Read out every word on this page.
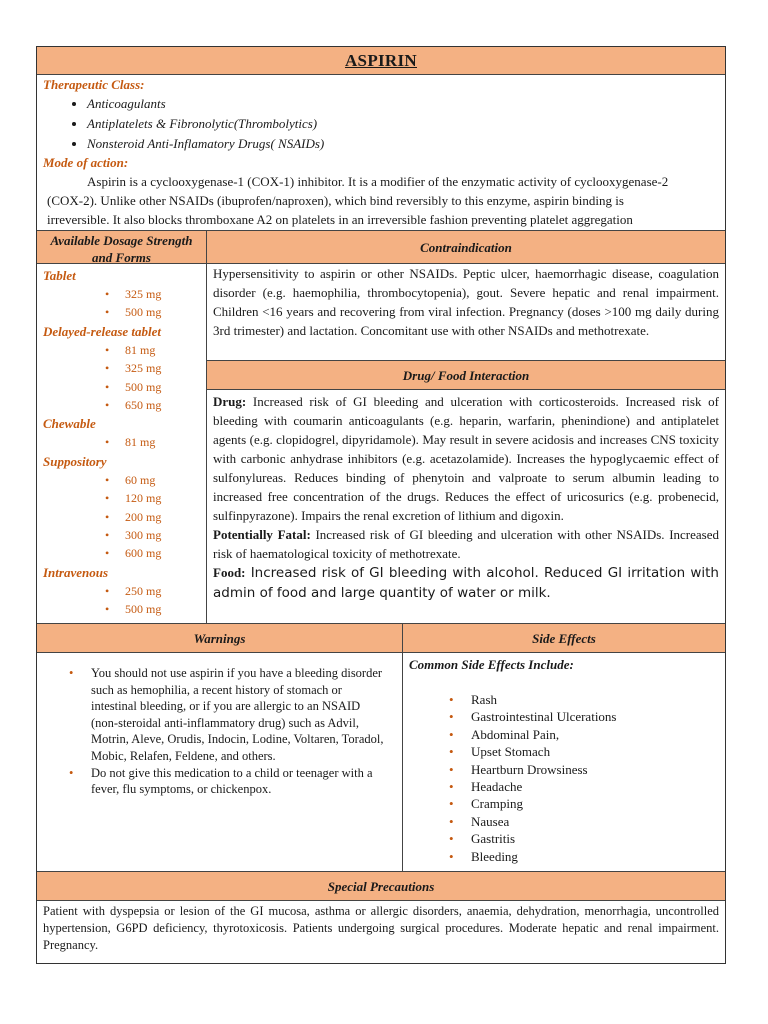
ASPIRIN
Therapeutic Class:
• Anticoagulants
• Antiplatelets & Fibronolytic(Thrombolytics)
• Nonsteroid Anti-Inflamatory Drugs( NSAIDs)
Mode of action:
Aspirin is a cyclooxygenase-1 (COX-1) inhibitor. It is a modifier of the enzymatic activity of cyclooxygenase-2
(COX-2). Unlike other NSAIDs (ibuprofen/naproxen), which bind reversibly to this enzyme, aspirin binding is
irreversible. It also blocks thromboxane A2 on platelets in an irreversible fashion preventing platelet aggregation
Available Dosage Strength
and Forms
Contraindication
Tablet
• 325 mg
• 500 mg
Delayed-release tablet
• 81 mg
• 325 mg
• 500 mg
• 650 mg
Chewable
• 81 mg
Suppository
• 60 mg
• 120 mg
• 200 mg
• 300 mg
• 600 mg
Intravenous
• 250 mg
• 500 mg
Hypersensitivity to aspirin or other NSAIDs. Peptic ulcer, haemorrhagic disease, coagulation disorder (e.g. haemophilia, thrombocytopenia), gout. Severe hepatic and renal impairment. Children <16 years and recovering from viral infection. Pregnancy (doses >100 mg daily during 3rd trimester) and lactation. Concomitant use with other NSAIDs and methotrexate.
Drug/ Food Interaction
Drug: Increased risk of GI bleeding and ulceration with corticosteroids. Increased risk of bleeding with coumarin anticoagulants (e.g. heparin, warfarin, phenindione) and antiplatelet agents (e.g. clopidogrel, dipyridamole). May result in severe acidosis and increases CNS toxicity with carbonic anhydrase inhibitors (e.g. acetazolamide). Increases the hypoglycaemic effect of sulfonylureas. Reduces binding of phenytoin and valproate to serum albumin leading to increased free concentration of the drugs. Reduces the effect of uricosurics (e.g. probenecid, sulfinpyrazone). Impairs the renal excretion of lithium and digoxin.
Potentially Fatal: Increased risk of GI bleeding and ulceration with other NSAIDs. Increased risk of haematological toxicity of methotrexate.
Food: Increased risk of GI bleeding with alcohol. Reduced GI irritation with admin of food and large quantity of water or milk.
Warnings	Side Effects
• You should not use aspirin if you have a bleeding disorder such as hemophilia, a recent history of stomach or intestinal bleeding, or if you are allergic to an NSAID (non-steroidal anti-inflammatory drug) such as Advil, Motrin, Aleve, Orudis, Indocin, Lodine, Voltaren, Toradol, Mobic, Relafen, Feldene, and others.
• Do not give this medication to a child or teenager with a fever, flu symptoms, or chickenpox.
Common Side Effects Include:
• Rash
• Gastrointestinal Ulcerations
• Abdominal Pain,
• Upset Stomach
• Heartburn Drowsiness
• Headache
• Cramping
• Nausea
• Gastritis
• Bleeding
Special Precautions
Patient with dyspepsia or lesion of the GI mucosa, asthma or allergic disorders, anaemia, dehydration, menorrhagia, uncontrolled hypertension, G6PD deficiency, thyrotoxicosis. Patients undergoing surgical procedures. Moderate hepatic and renal impairment. Pregnancy.
